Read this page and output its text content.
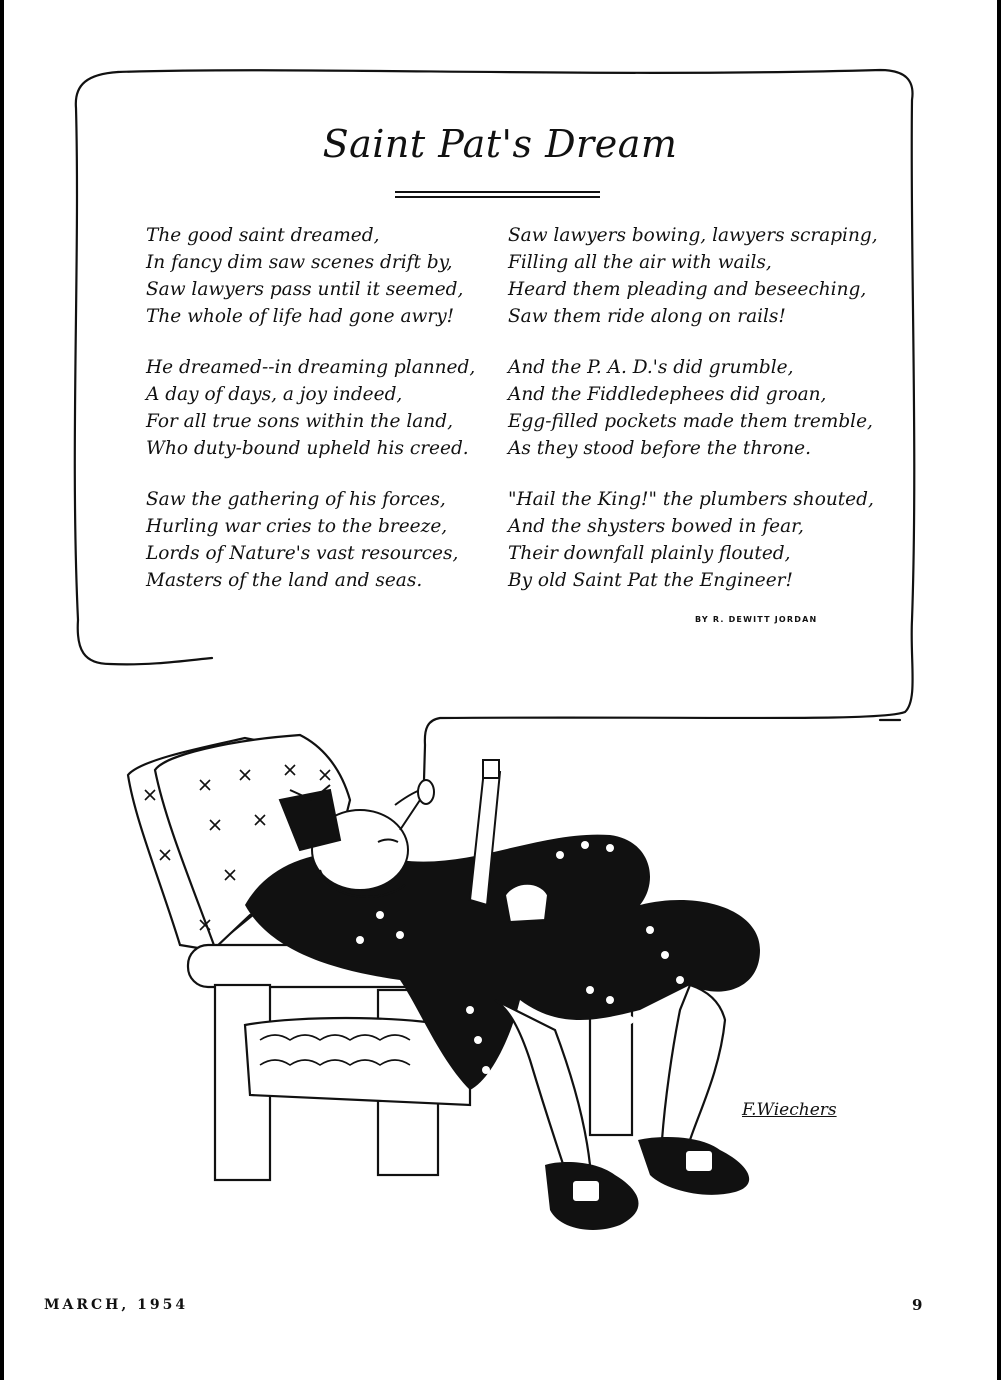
Saint Pat's Dream
The good saint dreamed,
In fancy dim saw scenes drift by,
Saw lawyers pass until it seemed,
The whole of life had gone awry!
He dreamed--in dreaming planned,
A day of days, a joy indeed,
For all true sons within the land,
Who duty-bound upheld his creed.
Saw the gathering of his forces,
Hurling war cries to the breeze,
Lords of Nature's vast resources,
Masters of the land and seas.
Saw lawyers bowing, lawyers scraping,
Filling all the air with wails,
Heard them pleading and beseeching,
Saw them ride along on rails!
And the P. A. D.'s did grumble,
And the Fiddledephees did groan,
Egg-filled pockets made them tremble,
As they stood before the throne.
"Hail the King!" the plumbers shouted,
And the shysters bowed in fear,
Their downfall plainly flouted,
By old Saint Pat the Engineer!
BY R. DEWITT JORDAN
F.Wiechers
MARCH, 1954	9
